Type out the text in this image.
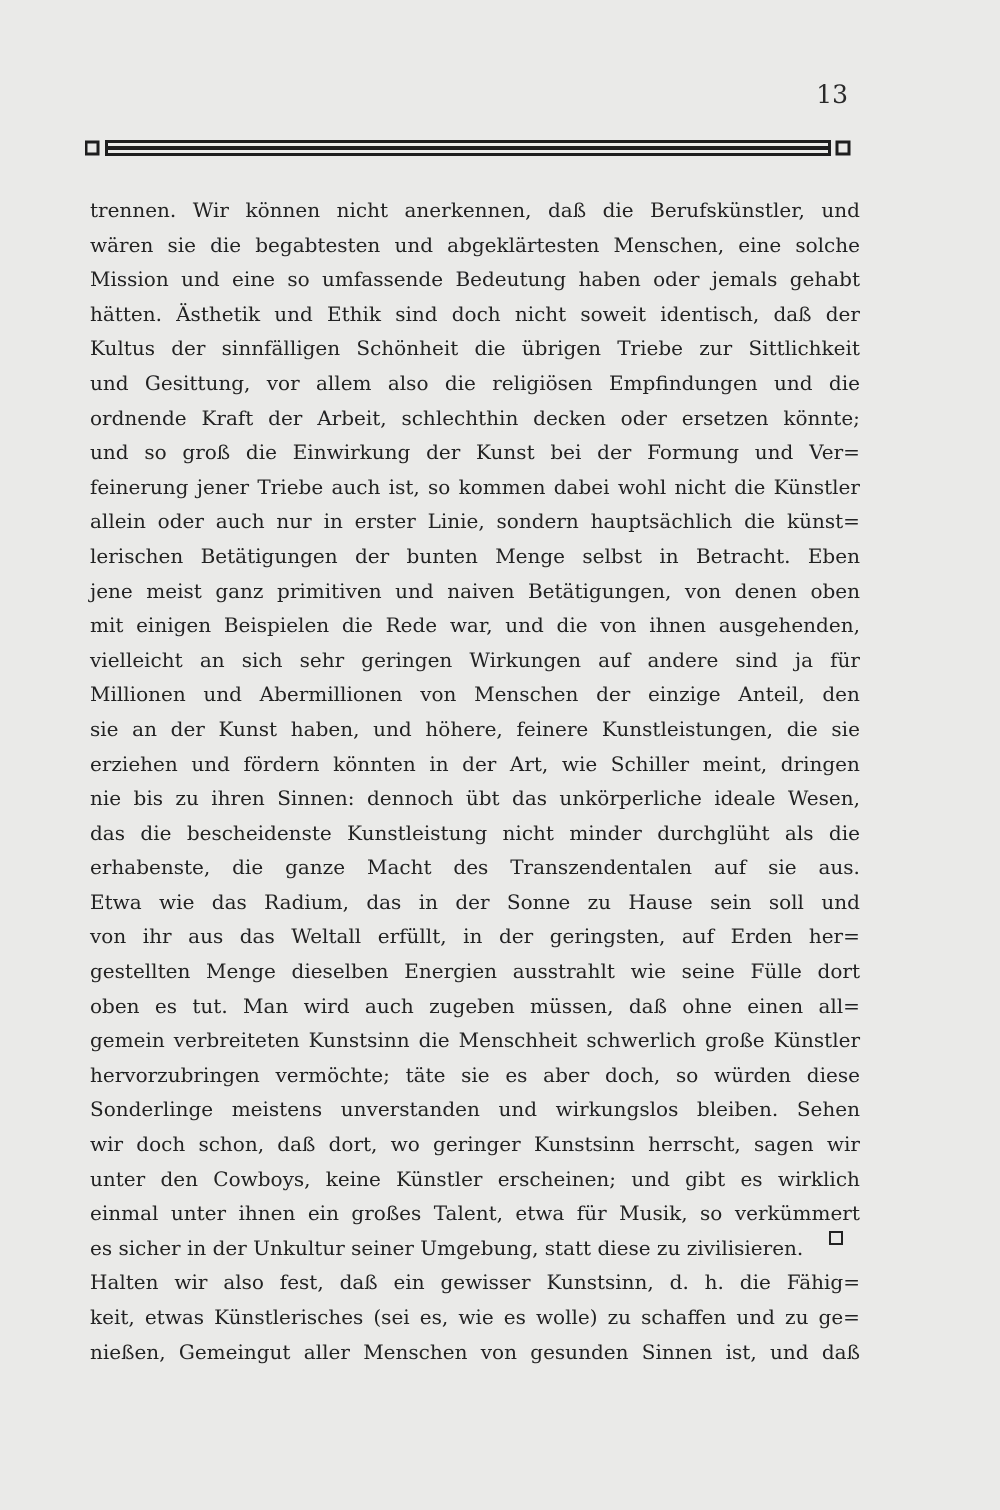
13
trennen. Wir können nicht anerkennen, daß die Berufskünstler, und
wären sie die begabtesten und abgeklärtesten Menschen, eine solche
Mission und eine so umfassende Bedeutung haben oder jemals gehabt
hätten. Ästhetik und Ethik sind doch nicht soweit identisch, daß der
Kultus der sinnfälligen Schönheit die übrigen Triebe zur Sittlichkeit
und Gesittung, vor allem also die religiösen Empfindungen und die
ordnende Kraft der Arbeit, schlechthin decken oder ersetzen könnte;
und so groß die Einwirkung der Kunst bei der Formung und Ver=
feinerung jener Triebe auch ist, so kommen dabei wohl nicht die Künstler
allein oder auch nur in erster Linie, sondern hauptsächlich die künst=
lerischen Betätigungen der bunten Menge selbst in Betracht. Eben
jene meist ganz primitiven und naiven Betätigungen, von denen oben
mit einigen Beispielen die Rede war, und die von ihnen ausgehenden,
vielleicht an sich sehr geringen Wirkungen auf andere sind ja für
Millionen und Abermillionen von Menschen der einzige Anteil, den
sie an der Kunst haben, und höhere, feinere Kunstleistungen, die sie
erziehen und fördern könnten in der Art, wie Schiller meint, dringen
nie bis zu ihren Sinnen: dennoch übt das unkörperliche ideale Wesen,
das die bescheidenste Kunstleistung nicht minder durchglüht als die
erhabenste, die ganze Macht des Transzendentalen auf sie aus.
Etwa wie das Radium, das in der Sonne zu Hause sein soll und
von ihr aus das Weltall erfüllt, in der geringsten, auf Erden her=
gestellten Menge dieselben Energien ausstrahlt wie seine Fülle dort
oben es tut. Man wird auch zugeben müssen, daß ohne einen all=
gemein verbreiteten Kunstsinn die Menschheit schwerlich große Künstler
hervorzubringen vermöchte; täte sie es aber doch, so würden diese
Sonderlinge meistens unverstanden und wirkungslos bleiben. Sehen
wir doch schon, daß dort, wo geringer Kunstsinn herrscht, sagen wir
unter den Cowboys, keine Künstler erscheinen; und gibt es wirklich
einmal unter ihnen ein großes Talent, etwa für Musik, so verkümmert
es sicher in der Unkultur seiner Umgebung, statt diese zu zivilisieren.
Halten wir also fest, daß ein gewisser Kunstsinn, d. h. die Fähig=
keit, etwas Künstlerisches (sei es, wie es wolle) zu schaffen und zu ge=
nießen, Gemeingut aller Menschen von gesunden Sinnen ist, und daß
